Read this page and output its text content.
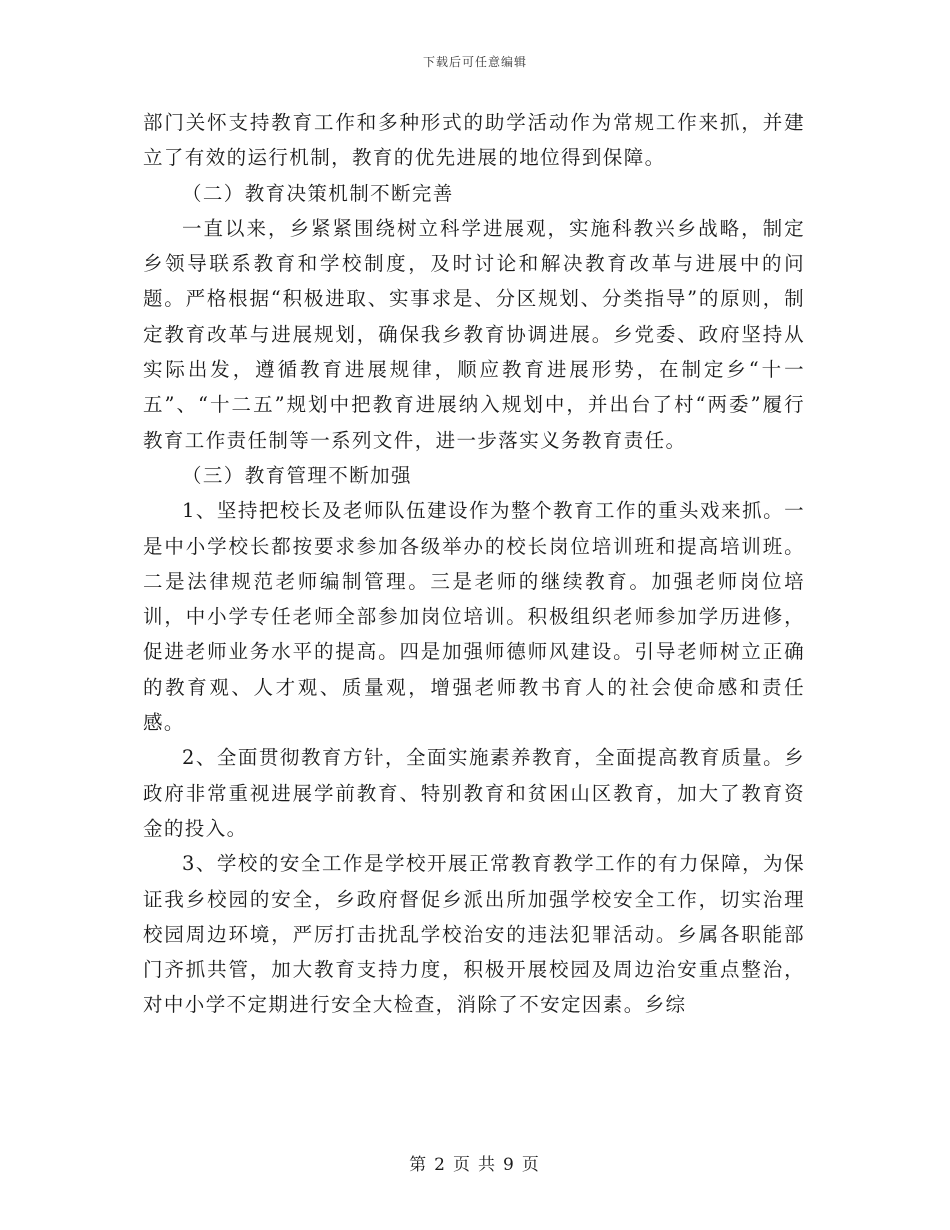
下载后可任意编辑

部门关怀支持教育工作和多种形式的助学活动作为常规工作来抓，并建立了有效的运行机制，教育的优先进展的地位得到保障。

（二）教育决策机制不断完善

一直以来，乡紧紧围绕树立科学进展观，实施科教兴乡战略，制定乡领导联系教育和学校制度，及时讨论和解决教育改革与进展中的问题。严格根据“积极进取、实事求是、分区规划、分类指导”的原则，制定教育改革与进展规划，确保我乡教育协调进展。乡党委、政府坚持从实际出发，遵循教育进展规律，顺应教育进展形势，在制定乡“十一五”、“十二五”规划中把教育进展纳入规划中，并出台了村“两委”履行教育工作责任制等一系列文件，进一步落实义务教育责任。

（三）教育管理不断加强

1、坚持把校长及老师队伍建设作为整个教育工作的重头戏来抓。一是中小学校长都按要求参加各级举办的校长岗位培训班和提高培训班。二是法律规范老师编制管理。三是老师的继续教育。加强老师岗位培训，中小学专任老师全部参加岗位培训。积极组织老师参加学历进修，促进老师业务水平的提高。四是加强师德师风建设。引导老师树立正确的教育观、人才观、质量观，增强老师教书育人的社会使命感和责任感。

2、全面贯彻教育方针，全面实施素养教育，全面提高教育质量。乡政府非常重视进展学前教育、特别教育和贫困山区教育，加大了教育资金的投入。

3、学校的安全工作是学校开展正常教育教学工作的有力保障，为保证我乡校园的安全，乡政府督促乡派出所加强学校安全工作，切实治理校园周边环境，严厉打击扰乱学校治安的违法犯罪活动。乡属各职能部门齐抓共管，加大教育支持力度，积极开展校园及周边治安重点整治，对中小学不定期进行安全大检查，消除了不安定因素。乡综

第 2 页 共 9 页
